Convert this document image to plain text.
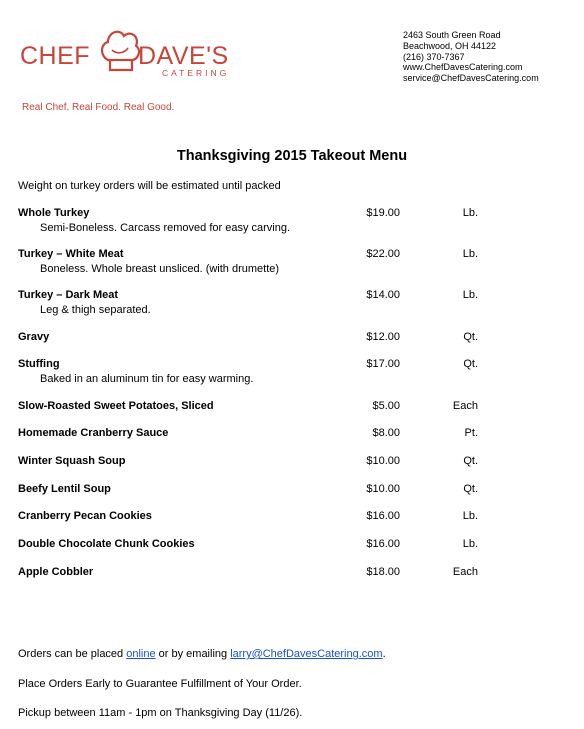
CHEF DAVE'S
CATERING
Real Chef. Real Food. Real Good.
2463 South Green Road
Beachwood, OH 44122
(216) 370-7367
www.ChefDavesCatering.com
service@ChefDavesCatering.com
Thanksgiving 2015 Takeout Menu
Weight on turkey orders will be estimated until packed
Whole Turkey	$19.00	Lb.
Semi-Boneless. Carcass removed for easy carving.
Turkey – White Meat	$22.00	Lb.
Boneless. Whole breast unsliced. (with drumette)
Turkey – Dark Meat	$14.00	Lb.
Leg & thigh separated.
Gravy	$12.00	Qt.
Stuffing	$17.00	Qt.
Baked in an aluminum tin for easy warming.
Slow-Roasted Sweet Potatoes, Sliced	$5.00	Each
Homemade Cranberry Sauce	$8.00	Pt.
Winter Squash Soup	$10.00	Qt.
Beefy Lentil Soup	$10.00	Qt.
Cranberry Pecan Cookies	$16.00	Lb.
Double Chocolate Chunk Cookies	$16.00	Lb.
Apple Cobbler	$18.00	Each
Orders can be placed online or by emailing larry@ChefDavesCatering.com.
Place Orders Early to Guarantee Fulfillment of Your Order.
Pickup between 11am - 1pm on Thanksgiving Day (11/26).
